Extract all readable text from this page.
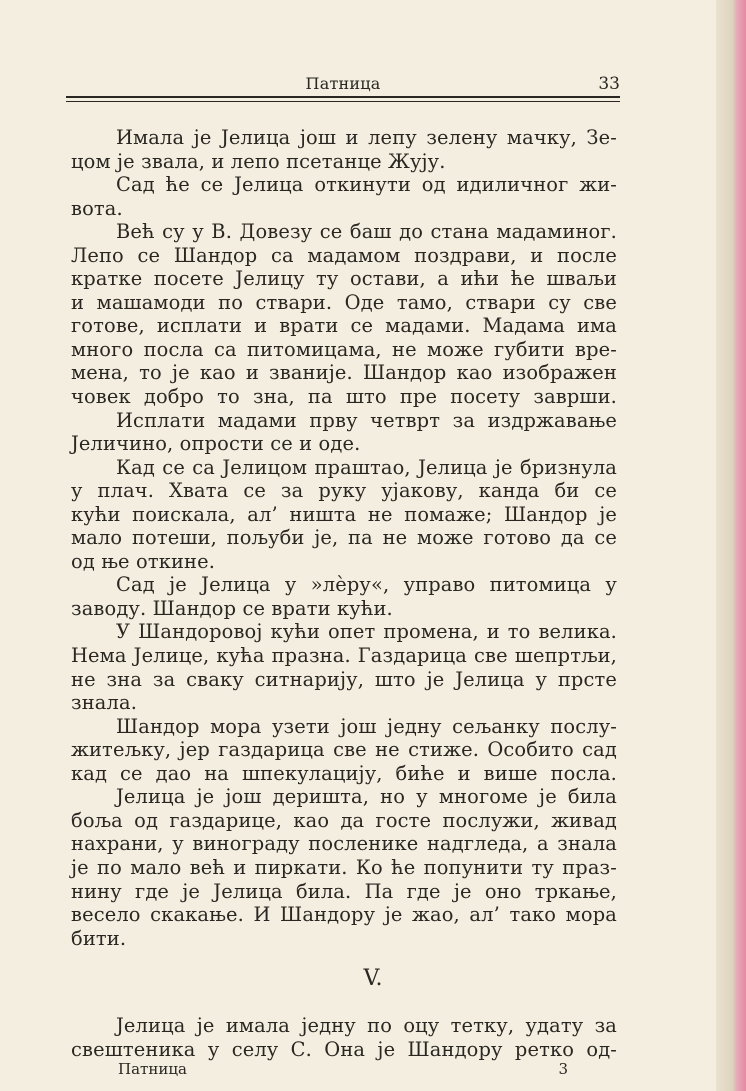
Патница	33
Имала је Јелица још и лепу зелену мачку, Зе-
цом је звала, и лепо псетанце Жују.
Сад ће се Јелица откинути од идиличног жи-
вота.
Већ су у В. Довезу се баш до стана мадаминог.
Лепо се Шандор са мадамом поздрави, и после
кратке посете Јелицу ту остави, а ићи ће шваљи
и машамоди по ствари. Оде тамо, ствари су све
готове, исплати и врати се мадами. Мадама има
много посла са питомицама, не може губити вре-
мена, то је као и званије. Шандор као изображен
човек добро то зна, па што пре посету заврши.
Исплати мадами прву четврт за издржавање
Јеличино, опрости се и оде.
Кад се са Јелицом праштао, Јелица је бризнула
у плач. Хвата се за руку ујакову, канда би се
кући поискала, ал’ ништа не помаже; Шандор је
мало потеши, пољуби је, па не може готово да се
од ње откине.
Сад је Јелица у »лèру«, управо питомица у
заводу. Шандор се врати кући.
У Шандоровој кући опет промена, и то велика.
Нема Јелице, кућа празна. Газдарица све шепртљи,
не зна за сваку ситнарију, што је Јелица у прсте
знала.
Шандор мора узети још једну сељанку послу-
житељку, јер газдарица све не стиже. Особито сад
кад се дао на шпекулацију, биће и више посла.
Јелица је још деришта, но у многоме је била
боља од газдарице, као да госте послужи, живад
нахрани, у винограду посленике надгледа, а знала
је по мало већ и пиркати. Ко ће попунити ту праз-
нину где је Јелица била. Па где је оно тркање,
весело скакање. И Шандору је жао, ал’ тако мора
бити.
V.
Јелица је имала једну по оцу тетку, удату за
свештеника у селу С. Она је Шандору ретко од-
Патница	3
